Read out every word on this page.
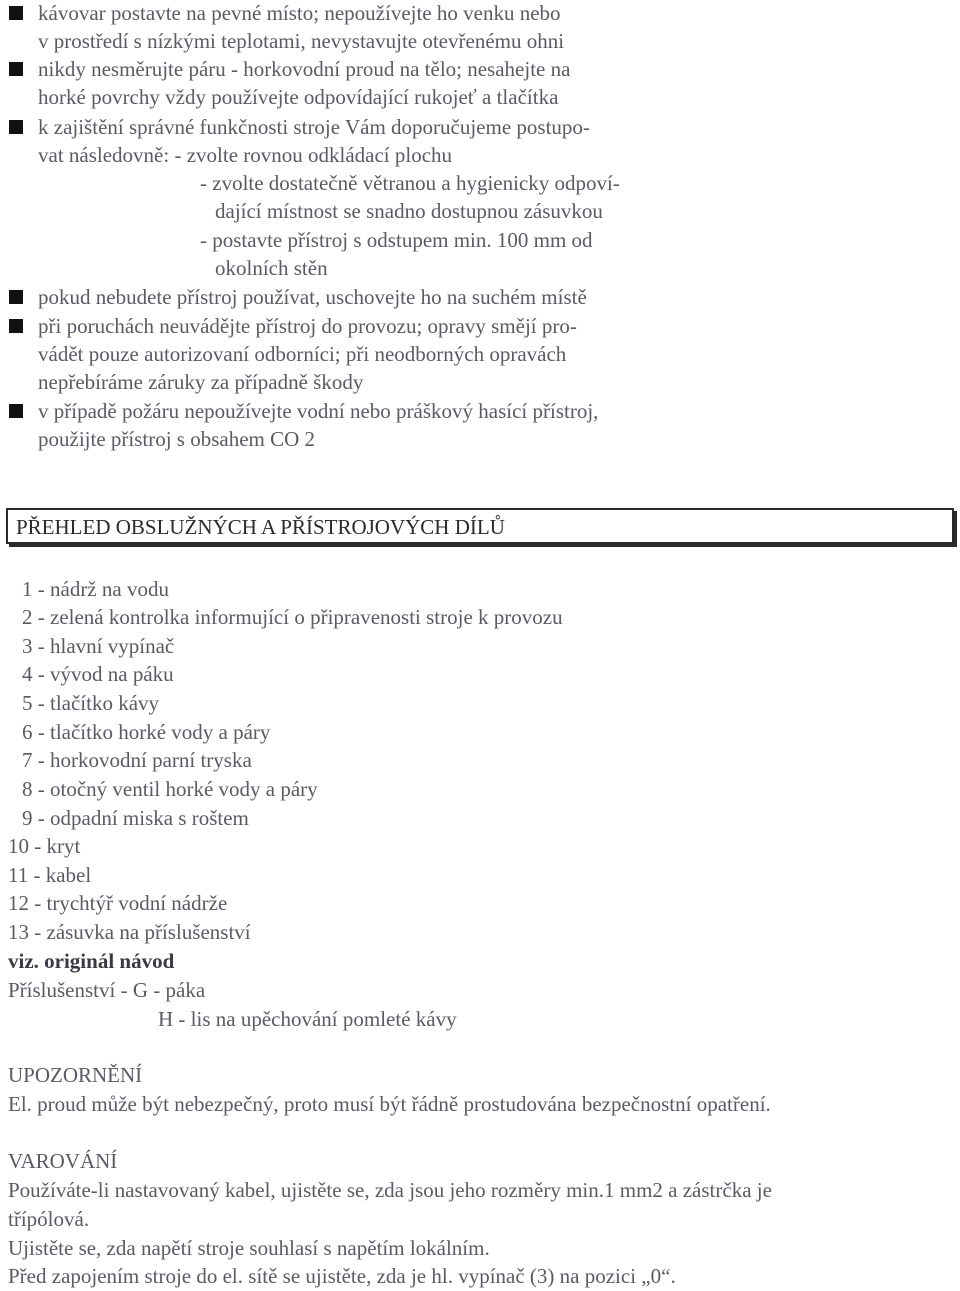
kávovar postavte na pevné místo; nepoužívejte ho venku nebo
v prostředí s nízkými teplotami, nevystavujte otevřenému ohni
nikdy nesměrujte páru - horkovodní proud na tělo; nesahejte na
horké povrchy vždy používejte odpovídající rukojeť a tlačítka
k zajištění správné funkčnosti stroje Vám doporučujeme postupo-
vat následovně: - zvolte rovnou odkládací plochu
- zvolte dostatečně větranou a hygienicky odpoví-
dající místnost se snadno dostupnou zásuvkou
- postavte přístroj s odstupem min. 100 mm od
okolních stěn
pokud nebudete přístroj používat, uschovejte ho na suchém místě
při poruchách neuvádějte přístroj do provozu; opravy smějí pro-
vádět pouze autorizovaní odborníci; při neodborných opravách
nepřebíráme záruky za případně škody
v případě požáru nepoužívejte vodní nebo práškový hasící přístroj,
použijte přístroj s obsahem CO 2
PŘEHLED OBSLUŽNÝCH A PŘÍSTROJOVÝCH DÍLŮ
1 - nádrž na vodu
2 - zelená kontrolka informující o připravenosti stroje k provozu
3 - hlavní vypínač
4 - vývod na páku
5 - tlačítko kávy
6 - tlačítko horké vody a páry
7 - horkovodní parní tryska
8 - otočný ventil horké vody a páry
9 - odpadní miska s roštem
10 - kryt
11 - kabel
12 - trychtýř vodní nádrže
13 - zásuvka na příslušenství
viz. originál návod
Příslušenství - G - páka
H - lis na upěchování pomleté kávy
UPOZORNĚNÍ
El. proud může být nebezpečný, proto musí být řádně prostudována bezpečnostní opatření.
VAROVÁNÍ
Používáte-li nastavovaný kabel, ujistěte se, zda jsou jeho rozměry min.1 mm2 a zástrčka je
třípólová.
Ujistěte se, zda napětí stroje souhlasí s napětím lokálním.
Před zapojením stroje do el. sítě se ujistěte, zda je hl. vypínač (3) na pozici „0“.
